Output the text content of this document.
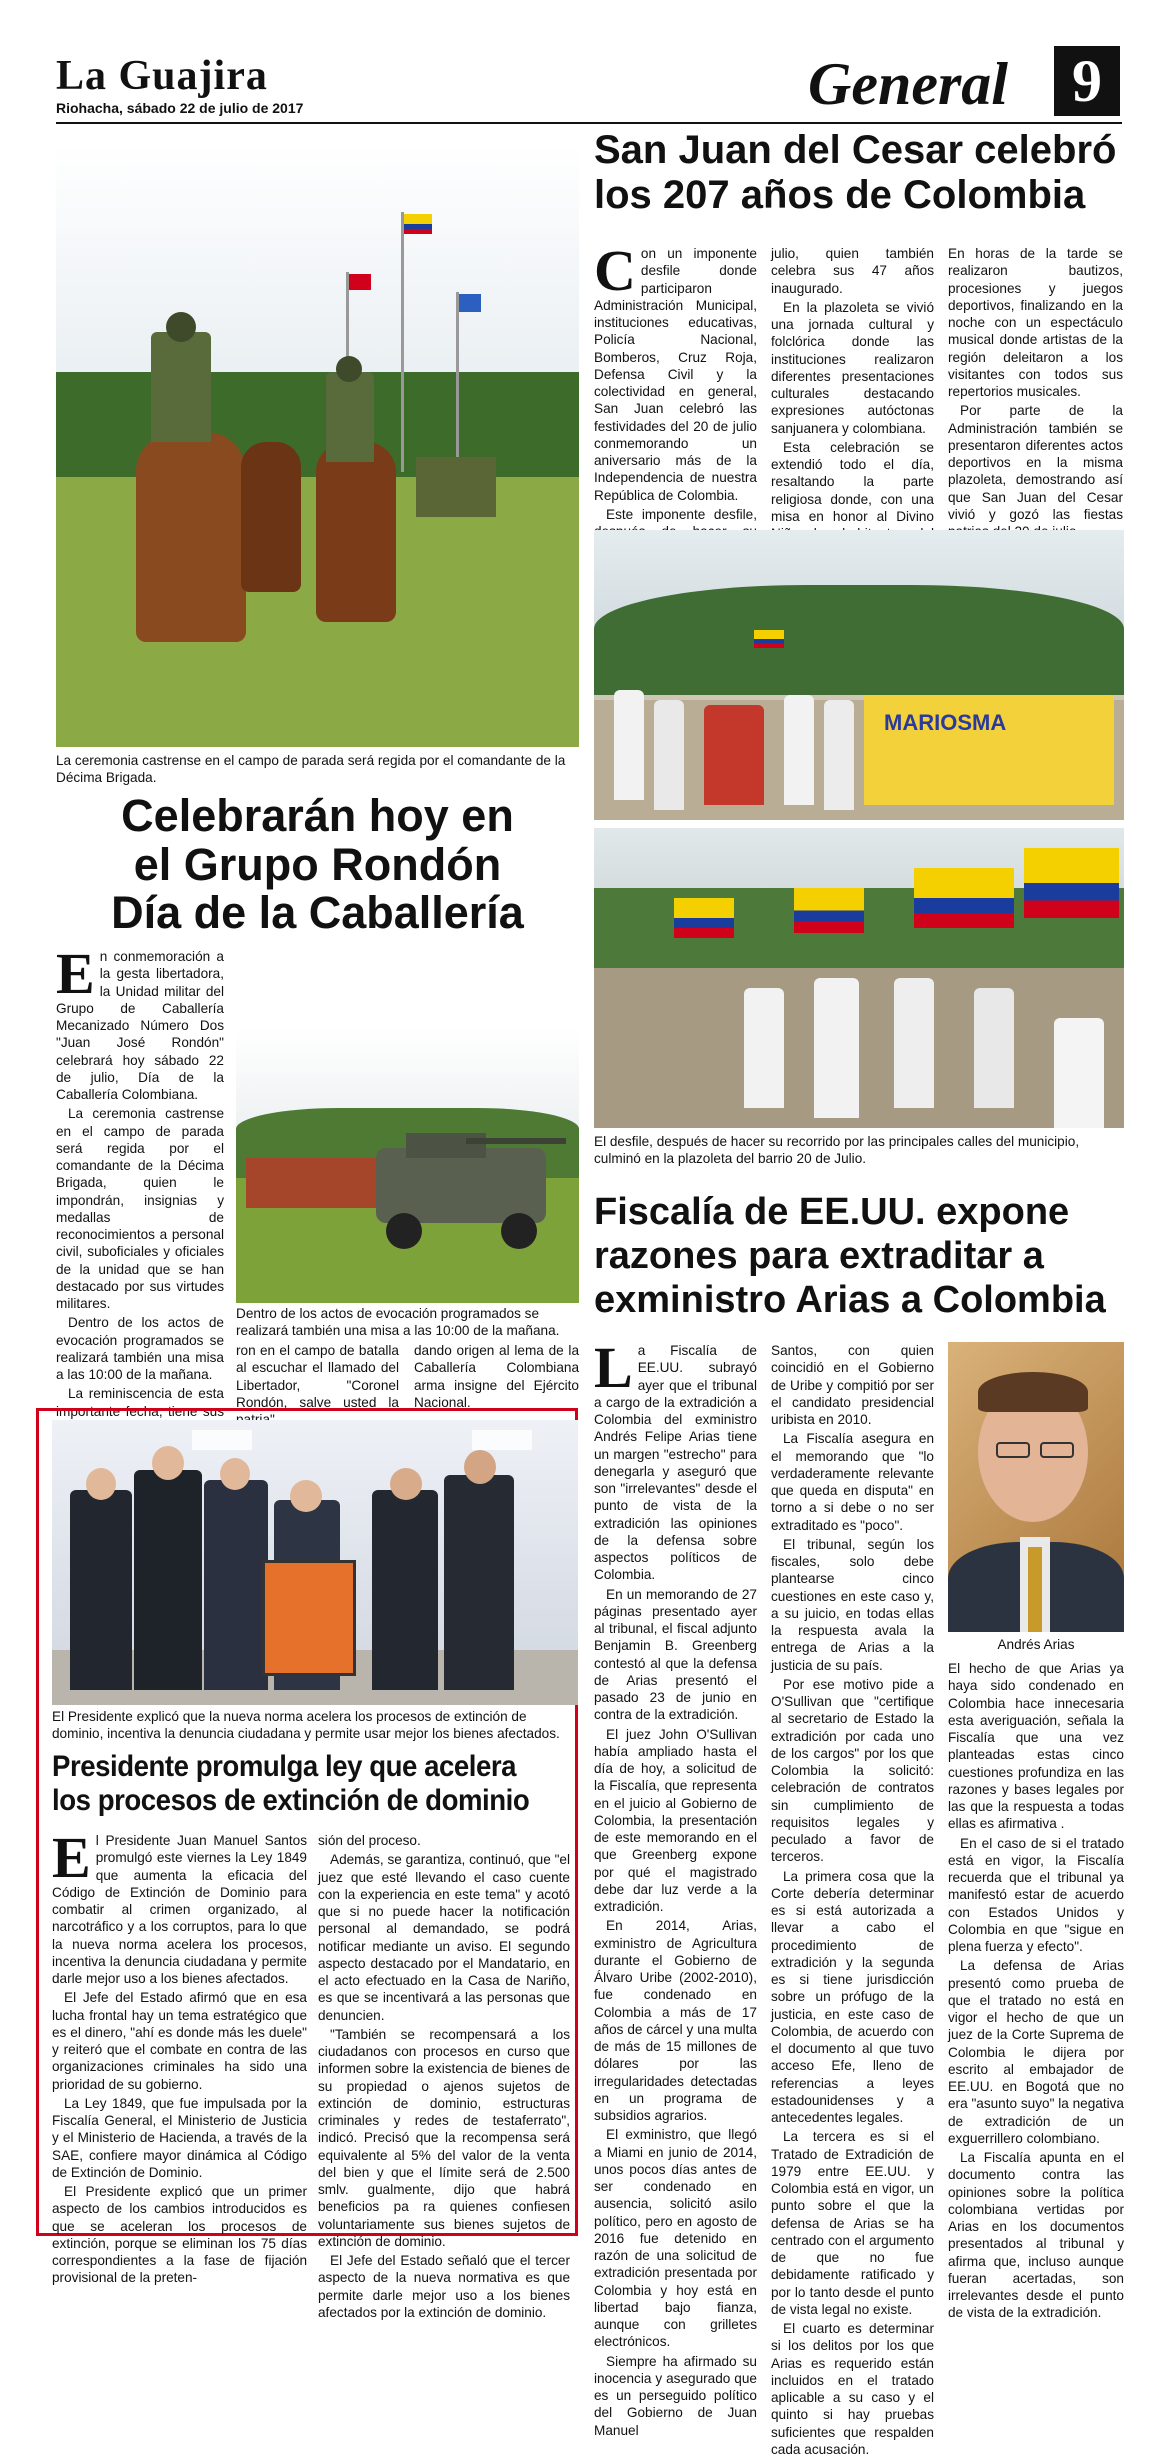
La Guajira
Riohacha, sábado 22 de julio de 2017	General	9
La ceremonia castrense en el campo de parada será regida por el comandante de la Décima Brigada.
San Juan del Cesar celebró
los 207 años de Colombia

Con un imponente desfile donde participaron Administración Municipal, instituciones educativas, Policía Nacional, Bomberos, Cruz Roja, Defensa Civil y la colectividad en general, San Juan celebró las festividades del 20 de julio conmemorando un aniversario más de la Independencia de nuestra República de Colombia.

Este imponente desfile,

julio, quien también celebra sus 47 años inaugurado.

En la plazoleta se vivió una jornada cultural y folclórica donde las instituciones realizaron diferentes presentaciones culturales destacando expresiones autóctonas sanjuanera y colombiana.

Esta celebración se extendió todo el día, resaltando la parte religiosa donde, con una misa en honor al Divino

En horas de la tarde se realizaron bautizos, procesiones y juegos deportivos, finalizando en la noche con un espectáculo musical donde artistas de la región deleitaron a los visitantes con todos sus repertorios musicales.

Por parte de la Administración también se presentaron diferentes actos deportivos en la misma plazoleta, demostrando así que San Juan del Cesar vivió y gozó las fiestas

MARIOSMA
El desfile, después de hacer su recorrido por las principales calles del municipio, culminó en la plazoleta del barrio 20 de Julio.
Celebrarán hoy en
el Grupo Rondón
Día de la Caballería

En conmemoración a la gesta libertadora, la Unidad militar del Grupo de Caballería Mecanizado Número Dos "Juan José Rondón" celebrará hoy sábado 22 de julio, Día de la Caballería Colombiana.

La ceremonia castrense en el campo de parada será regida por el comandante de la Décima Brigada, quien le impondrán, insignias y medallas de reconocimientos a personal civil, suboficiales y oficiales de la unidad que se han destacado por sus virtudes militares.

Dentro de los actos de evocación programados se realizará también una misa a las 10:00 de la mañana.

La reminiscencia de esta importante fecha, tiene sus

Dentro de los actos de evocación programados se realizará también una misa a las 10:00 de la mañana.

ron en el campo de batalla al escuchar el llamado del Libertador, "Coronel Rondón, salve usted la

dando origen al lema de la Caballería Colombiana arma insigne del Ejército Nacional.

Fiscalía de EE.UU. expone
razones para extraditar a
exministro Arias a Colombia

La Fiscalía de EE.UU. subrayó ayer que el tribunal a cargo de la extradición a Colombia del exministro Andrés Felipe Arias tiene un margen "estrecho" para denegarla y aseguró que son "irrelevantes" desde el punto de vista de la extradición las opiniones de la defensa sobre aspectos políticos de Colombia.

En un memorando de 27 páginas presentado ayer al tribunal, el fiscal adjunto Benjamin B. Greenberg contestó al que la defensa de Arias presentó el pasado 23 de junio en contra de la extradición.

El juez John O'Sullivan había ampliado hasta el día de hoy, a solicitud de la Fiscalía, que representa en el juicio al Gobierno de Colombia, la presentación de este memorando en el que Greenberg expone por qué el magistrado debe dar luz verde a la extradición.

En 2014, Arias, exministro de Agricultura durante el Gobierno de Álvaro Uribe (2002-2010), fue condenado en Colombia a más de 17 años de cárcel y una multa de más de 15 millones de dólares por las irregularidades detectadas en un programa de subsidios agrarios.

El exministro, que llegó a Miami en junio de 2014, unos pocos días antes de ser condenado en ausencia, solicitó asilo político, pero en agosto de 2016 fue detenido en razón de una solicitud de extradición presentada por Colombia y hoy está en libertad bajo fianza, aunque con grilletes electrónicos.

Siempre ha afirmado su inocencia y asegurado que es un perseguido político del Gobierno de Juan Manuel

Santos, con quien coincidió en el Gobierno de Uribe y compitió por ser el candidato presidencial uribista en 2010.

La Fiscalía asegura en el memorando que "lo verdaderamente relevante que queda en disputa" en torno a si debe o no ser extraditado es "poco".

El tribunal, según los fiscales, solo debe plantearse cinco cuestiones en este caso y, a su juicio, en todas ellas la respuesta avala la entrega de Arias a la justicia de su país.

Por ese motivo pide a O'Sullivan que "certifique al secretario de Estado la extradición por cada uno de los cargos" por los que Colombia la solicitó: celebración de contratos sin cumplimiento de requisitos legales y peculado a favor de terceros.

La primera cosa que la Corte debería determinar es si está autorizada a llevar a cabo el procedimiento de extradición y la segunda es si tiene jurisdicción sobre un prófugo de la justicia, en este caso de Colombia, de acuerdo con el documento al que tuvo acceso Efe, lleno de referencias a leyes estadounidenses y a antecedentes legales.

La tercera es si el Tratado de Extradición de 1979 entre EE.UU. y Colombia está en vigor, un punto sobre el que la defensa de Arias se ha centrado con el argumento de que no fue debidamente ratificado y por lo tanto desde el punto de vista legal no existe.

El cuarto es determinar si los delitos por los que Arias es requerido están incluidos en el tratado aplicable a su caso y el quinto si hay pruebas suficientes que respalden cada acusación.

Andrés Arias

El hecho de que Arias ya haya sido condenado en Colombia hace innecesaria esta averiguación, señala la Fiscalía que una vez planteadas estas cinco cuestiones profundiza en las razones y bases legales por las que la respuesta a todas ellas es afirmativa .

En el caso de si el tratado está en vigor, la Fiscalía recuerda que el tribunal ya manifestó estar de acuerdo con Estados Unidos y Colombia en que "sigue en plena fuerza y efecto".

La defensa de Arias presentó como prueba de que el tratado no está en vigor el hecho de que un juez de la Corte Suprema de Colombia le dijera por escrito al embajador de EE.UU. en Bogotá que no era "asunto suyo" la negativa de extradición de un exguerrillero colombiano.

La Fiscalía apunta en el documento contra las opiniones sobre la política colombiana vertidas por Arias en los documentos presentados al tribunal y afirma que, incluso aunque fueran acertadas, son irrelevantes desde el punto de vista de la extradición.

El Presidente explicó que la nueva norma acelera los procesos de extinción de dominio, incentiva la denuncia ciudadana y permite usar mejor los bienes afectados.
Presidente promulga ley que acelera
los procesos de extinción de dominio

El Presidente Juan Manuel Santos promulgó este viernes la Ley 1849 que aumenta la eficacia del Código de Extinción de Dominio para combatir al crimen organizado, al narcotráfico y a los corruptos, para lo que la nueva norma acelera los procesos, incentiva la denuncia ciudadana y permite darle mejor uso a los bienes afectados.

El Jefe del Estado afirmó que en esa lucha frontal hay un tema estratégico que es el dinero, "ahí es donde más les duele" y reiteró que el combate en contra de las organizaciones criminales ha sido una prioridad de su gobierno.

La Ley 1849, que fue impulsada por la Fiscalía General, el Ministerio de Justicia y el Ministerio de Hacienda, a través de la SAE, confiere mayor dinámica al Código de Extinción de Dominio.

El Presidente explicó que un primer aspecto de los cambios introducidos es que se aceleran los procesos de extinción, porque se eliminan los 75 días correspondientes a la fase de fijación provisional de la preten-

sión del proceso.

Además, se garantiza, continuó, que "el juez que esté llevando el caso cuente con la experiencia en este tema" y acotó que si no puede hacer la notificación personal al demandado, se podrá notificar mediante un aviso. El segundo aspecto destacado por el Mandatario, en el acto efectuado en la Casa de Nariño, es que se incentivará a las personas que denuncien.

"También se recompensará a los ciudadanos con procesos en curso que informen sobre la existencia de bienes de su propiedad o ajenos sujetos de extinción de dominio, estructuras criminales y redes de testaferrato", indicó. Precisó que la recompensa será equivalente al 5% del valor de la venta del bien y que el límite será de 2.500 smlv. gualmente, dijo que habrá beneficios pa ra quienes confiesen voluntariamente sus bienes sujetos de extinción de dominio.

El Jefe del Estado señaló que el tercer aspecto de la nueva normativa es que permite darle mejor uso a los bienes afectados por la extinción de dominio.
